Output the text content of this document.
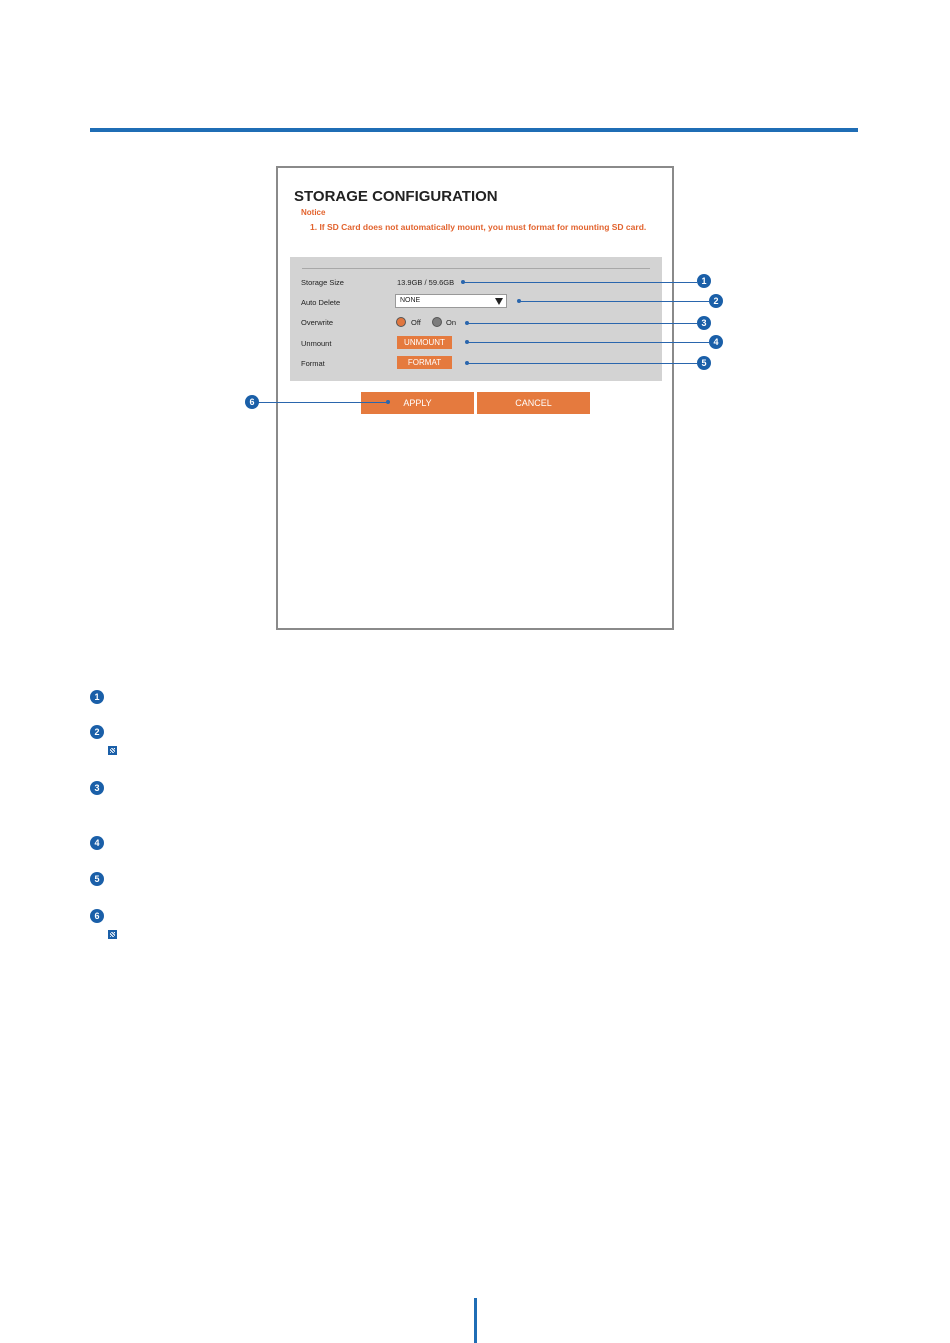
STORAGE CONFIGURATION
Notice
1. If SD Card does not automatically mount, you must format for mounting SD card.
Storage Size	13.9GB / 59.6GB
Auto Delete	NONE
Overwrite	Off	On
Unmount	UNMOUNT
Format	FORMAT
APPLY	CANCEL
1
2
3
4
5
6
1
2
3
4
5
6
